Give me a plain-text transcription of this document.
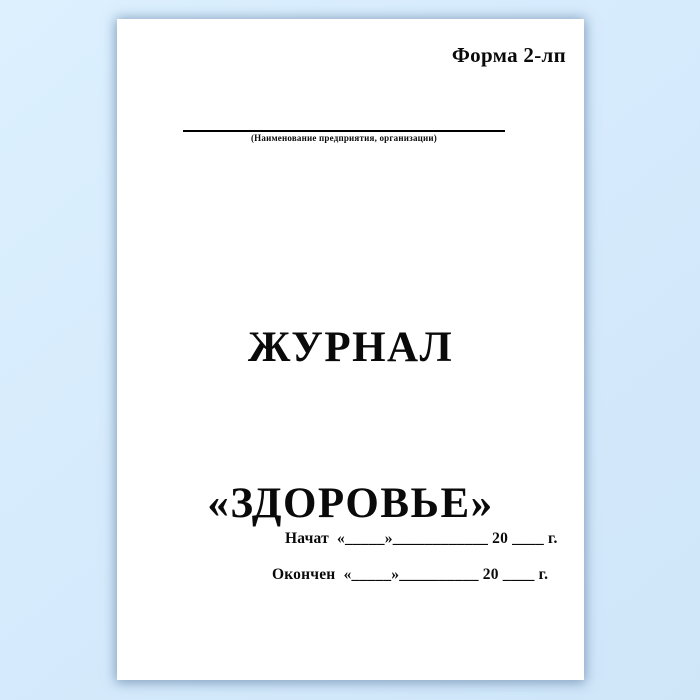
Форма 2-лп
(Наименование предприятия, организации)

ЖУРНАЛ

«ЗДОРОВЬЕ»

Начат  «_____»____________ 20 ____ г.
Окончен  «_____»__________ 20 ____ г.
